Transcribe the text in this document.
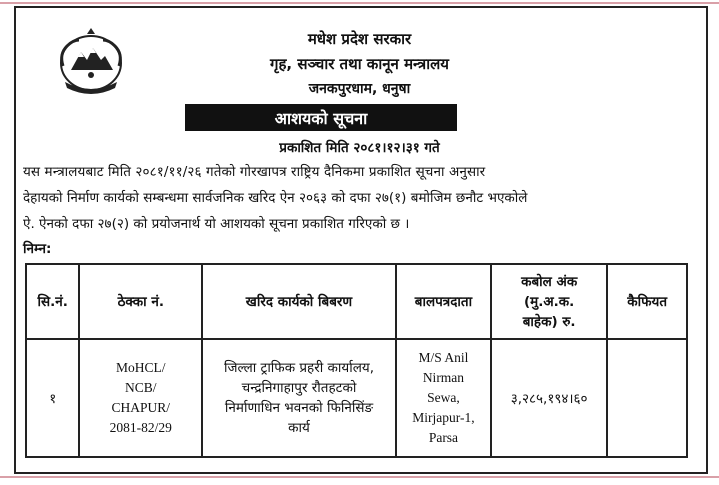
मधेश प्रदेश सरकार
गृह, सञ्चार तथा कानून मन्त्रालय
जनकपुरधाम, धनुषा
आशयको सूचना
प्रकाशित मिति २०८१।१२।३१ गते
यस मन्त्रालयबाट मिति २०८१/११/२६ गतेको गोरखापत्र राष्ट्रिय दैनिकमा प्रकाशित सूचना अनुसार
देहायको निर्माण कार्यको सम्बन्धमा सार्वजनिक खरिद ऐन २०६३ को दफा २७(१) बमोजिम छनौट भएकोले
ऐ. ऐनको दफा २७(२) को प्रयोजनार्थ यो आशयको सूचना प्रकाशित गरिएको छ ।
निम्न:
सि.नं.	ठेक्का नं.	खरिद कार्यको बिबरण	बालपत्रदाता	कबोल अंक
(मु.अ.क.
बाहेक) रु.	कैफियत
१	MoHCL/
NCB/
CHAPUR/
2081-82/29	जिल्ला ट्राफिक प्रहरी कार्यालय,
चन्द्रनिगाहापुर रौतहटको
निर्माणाधिन भवनको फिनिसिंङ
कार्य	M/S Anil
Nirman
Sewa,
Mirjapur-1,
Parsa	३,२८५,१९४।६०	
